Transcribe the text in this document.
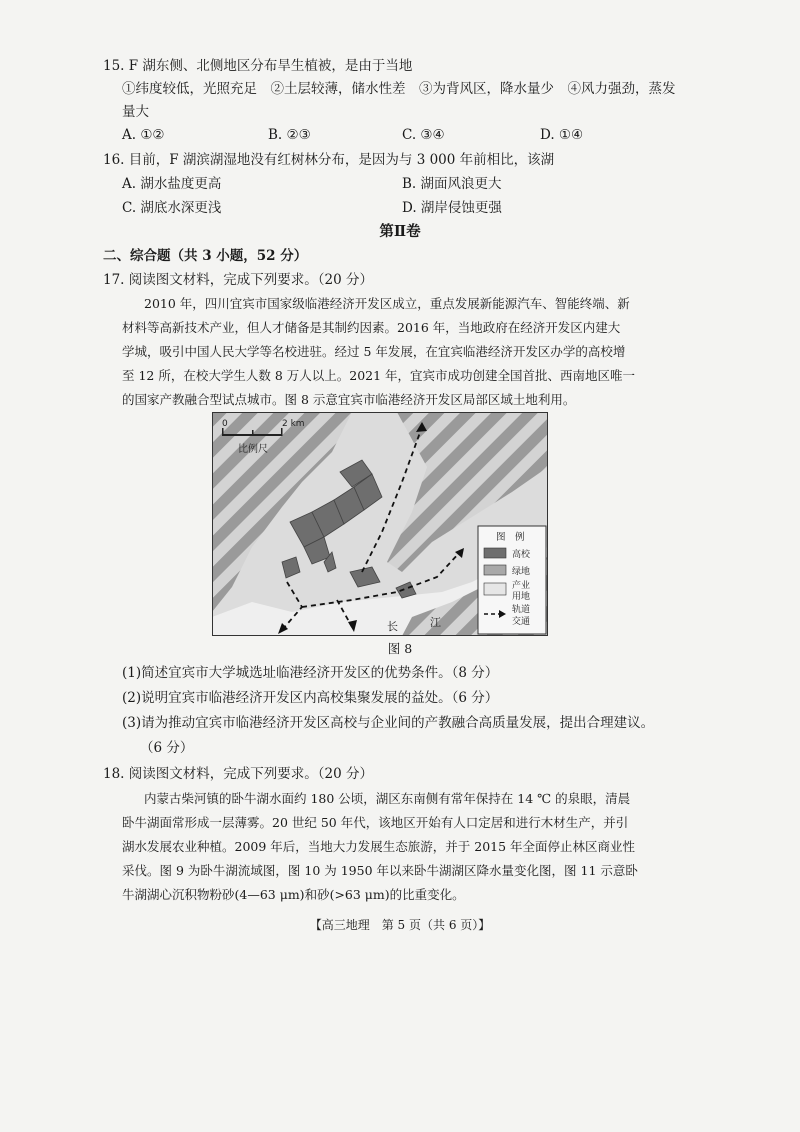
15. F 湖东侧、北侧地区分布旱生植被，是由于当地
①纬度较低，光照充足　②土层较薄，储水性差　③为背风区，降水量少　④风力强劲，蒸发
量大
A. ①②	B. ②③	C. ③④	D. ①④
16. 目前，F 湖滨湖湿地没有红树林分布，是因为与 3 000 年前相比，该湖
A. 湖水盐度更高	B. 湖面风浪更大
C. 湖底水深更浅	D. 湖岸侵蚀更强
第Ⅱ卷
二、综合题（共 3 小题，52 分）
17. 阅读图文材料，完成下列要求。（20 分）
2010 年，四川宜宾市国家级临港经济开发区成立，重点发展新能源汽车、智能终端、新
材料等高新技术产业，但人才储备是其制约因素。2016 年，当地政府在经济开发区内建大
学城，吸引中国人民大学等名校进驻。经过 5 年发展，在宜宾临港经济开发区办学的高校增
至 12 所，在校大学生人数 8 万人以上。2021 年，宜宾市成功创建全国首批、西南地区唯一
的国家产教融合型试点城市。图 8 示意宜宾市临港经济开发区局部区域土地利用。
0	2 km
比例尺
长	江
图　例
高校
绿地
产业
用地
轨道
交通
图 8
(1)简述宜宾市大学城选址临港经济开发区的优势条件。（8 分）
(2)说明宜宾市临港经济开发区内高校集聚发展的益处。（6 分）
(3)请为推动宜宾市临港经济开发区高校与企业间的产教融合高质量发展，提出合理建议。
（6 分）
18. 阅读图文材料，完成下列要求。（20 分）
内蒙古柴河镇的卧牛湖水面约 180 公顷，湖区东南侧有常年保持在 14 ℃ 的泉眼，清晨
卧牛湖面常形成一层薄雾。20 世纪 50 年代，该地区开始有人口定居和进行木材生产，并引
湖水发展农业种植。2009 年后，当地大力发展生态旅游，并于 2015 年全面停止林区商业性
采伐。图 9 为卧牛湖流域图，图 10 为 1950 年以来卧牛湖湖区降水量变化图，图 11 示意卧
牛湖湖心沉积物粉砂(4—63 μm)和砂(>63 μm)的比重变化。
【高三地理　第 5 页（共 6 页）】
